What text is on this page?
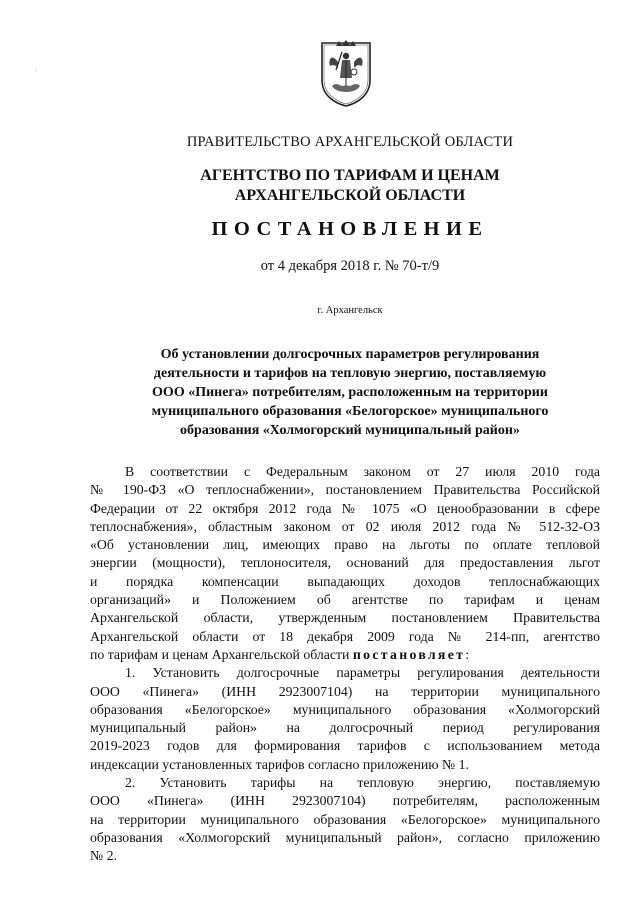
ПРАВИТЕЛЬСТВО АРХАНГЕЛЬСКОЙ ОБЛАСТИ
АГЕНТСТВО ПО ТАРИФАМ И ЦЕНАМ
АРХАНГЕЛЬСКОЙ ОБЛАСТИ
ПОСТАНОВЛЕНИЕ
от 4 декабря 2018 г. № 70-т/9
г. Архангельск
Об установлении долгосрочных параметров регулирования
деятельности и тарифов на тепловую энергию, поставляемую
ООО «Пинега» потребителям, расположенным на территории
муниципального образования «Белогорское» муниципального
образования «Холмогорский муниципальный район»
В соответствии с Федеральным законом от 27 июля 2010 года
№ 190-ФЗ «О теплоснабжении», постановлением Правительства Российской
Федерации от 22 октября 2012 года № 1075 «О ценообразовании в сфере
теплоснабжения», областным законом от 02 июля 2012 года № 512-32-ОЗ
«Об установлении лиц, имеющих право на льготы по оплате тепловой
энергии (мощности), теплоносителя, оснований для предоставления льгот
и порядка компенсации выпадающих доходов теплоснабжающих
организаций» и Положением об агентстве по тарифам и ценам
Архангельской области, утвержденным постановлением Правительства
Архангельской области от 18 декабря 2009 года № 214-пп, агентство
по тарифам и ценам Архангельской области постановляет:
1. Установить долгосрочные параметры регулирования деятельности
ООО «Пинега» (ИНН 2923007104) на территории муниципального
образования «Белогорское» муниципального образования «Холмогорский
муниципальный район» на долгосрочный период регулирования
2019-2023 годов для формирования тарифов с использованием метода
индексации установленных тарифов согласно приложению № 1.
2. Установить тарифы на тепловую энергию, поставляемую
ООО «Пинега» (ИНН 2923007104) потребителям, расположенным
на территории муниципального образования «Белогорское» муниципального
образования «Холмогорский муниципальный район», согласно приложению
№ 2.
